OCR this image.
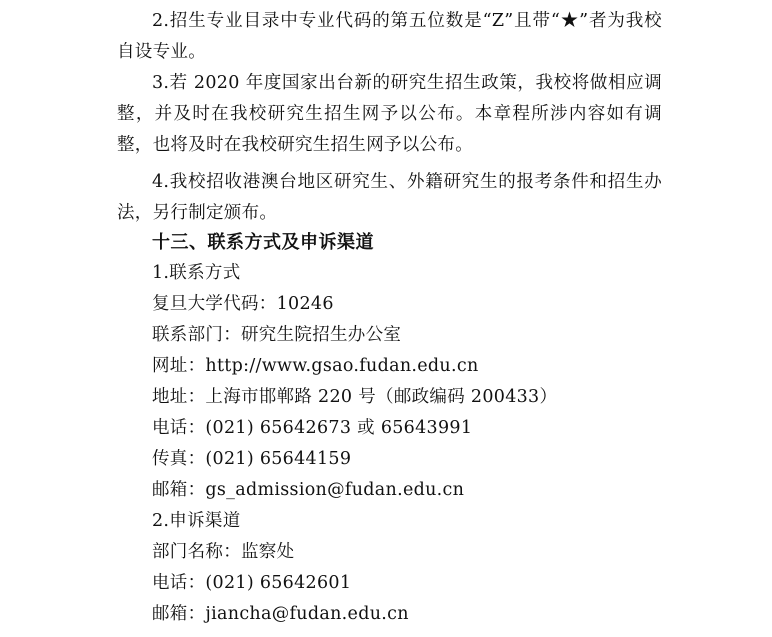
2.招生专业目录中专业代码的第五位数是“Z”且带“★”者为我校自设专业。

3.若 2020 年度国家出台新的研究生招生政策，我校将做相应调整，并及时在我校研究生招生网予以公布。本章程所涉内容如有调整，也将及时在我校研究生招生网予以公布。

4.我校招收港澳台地区研究生、外籍研究生的报考条件和招生办法，另行制定颁布。

十三、联系方式及申诉渠道
1.联系方式
复旦大学代码：10246
联系部门：研究生院招生办公室
网址：http://www.gsao.fudan.edu.cn
地址：上海市邯郸路 220 号（邮政编码 200433）
电话：(021) 65642673 或 65643991
传真：(021) 65644159
邮箱：gs_admission@fudan.edu.cn
2.申诉渠道
部门名称：监察处
电话：(021) 65642601
邮箱：jiancha@fudan.edu.cn
